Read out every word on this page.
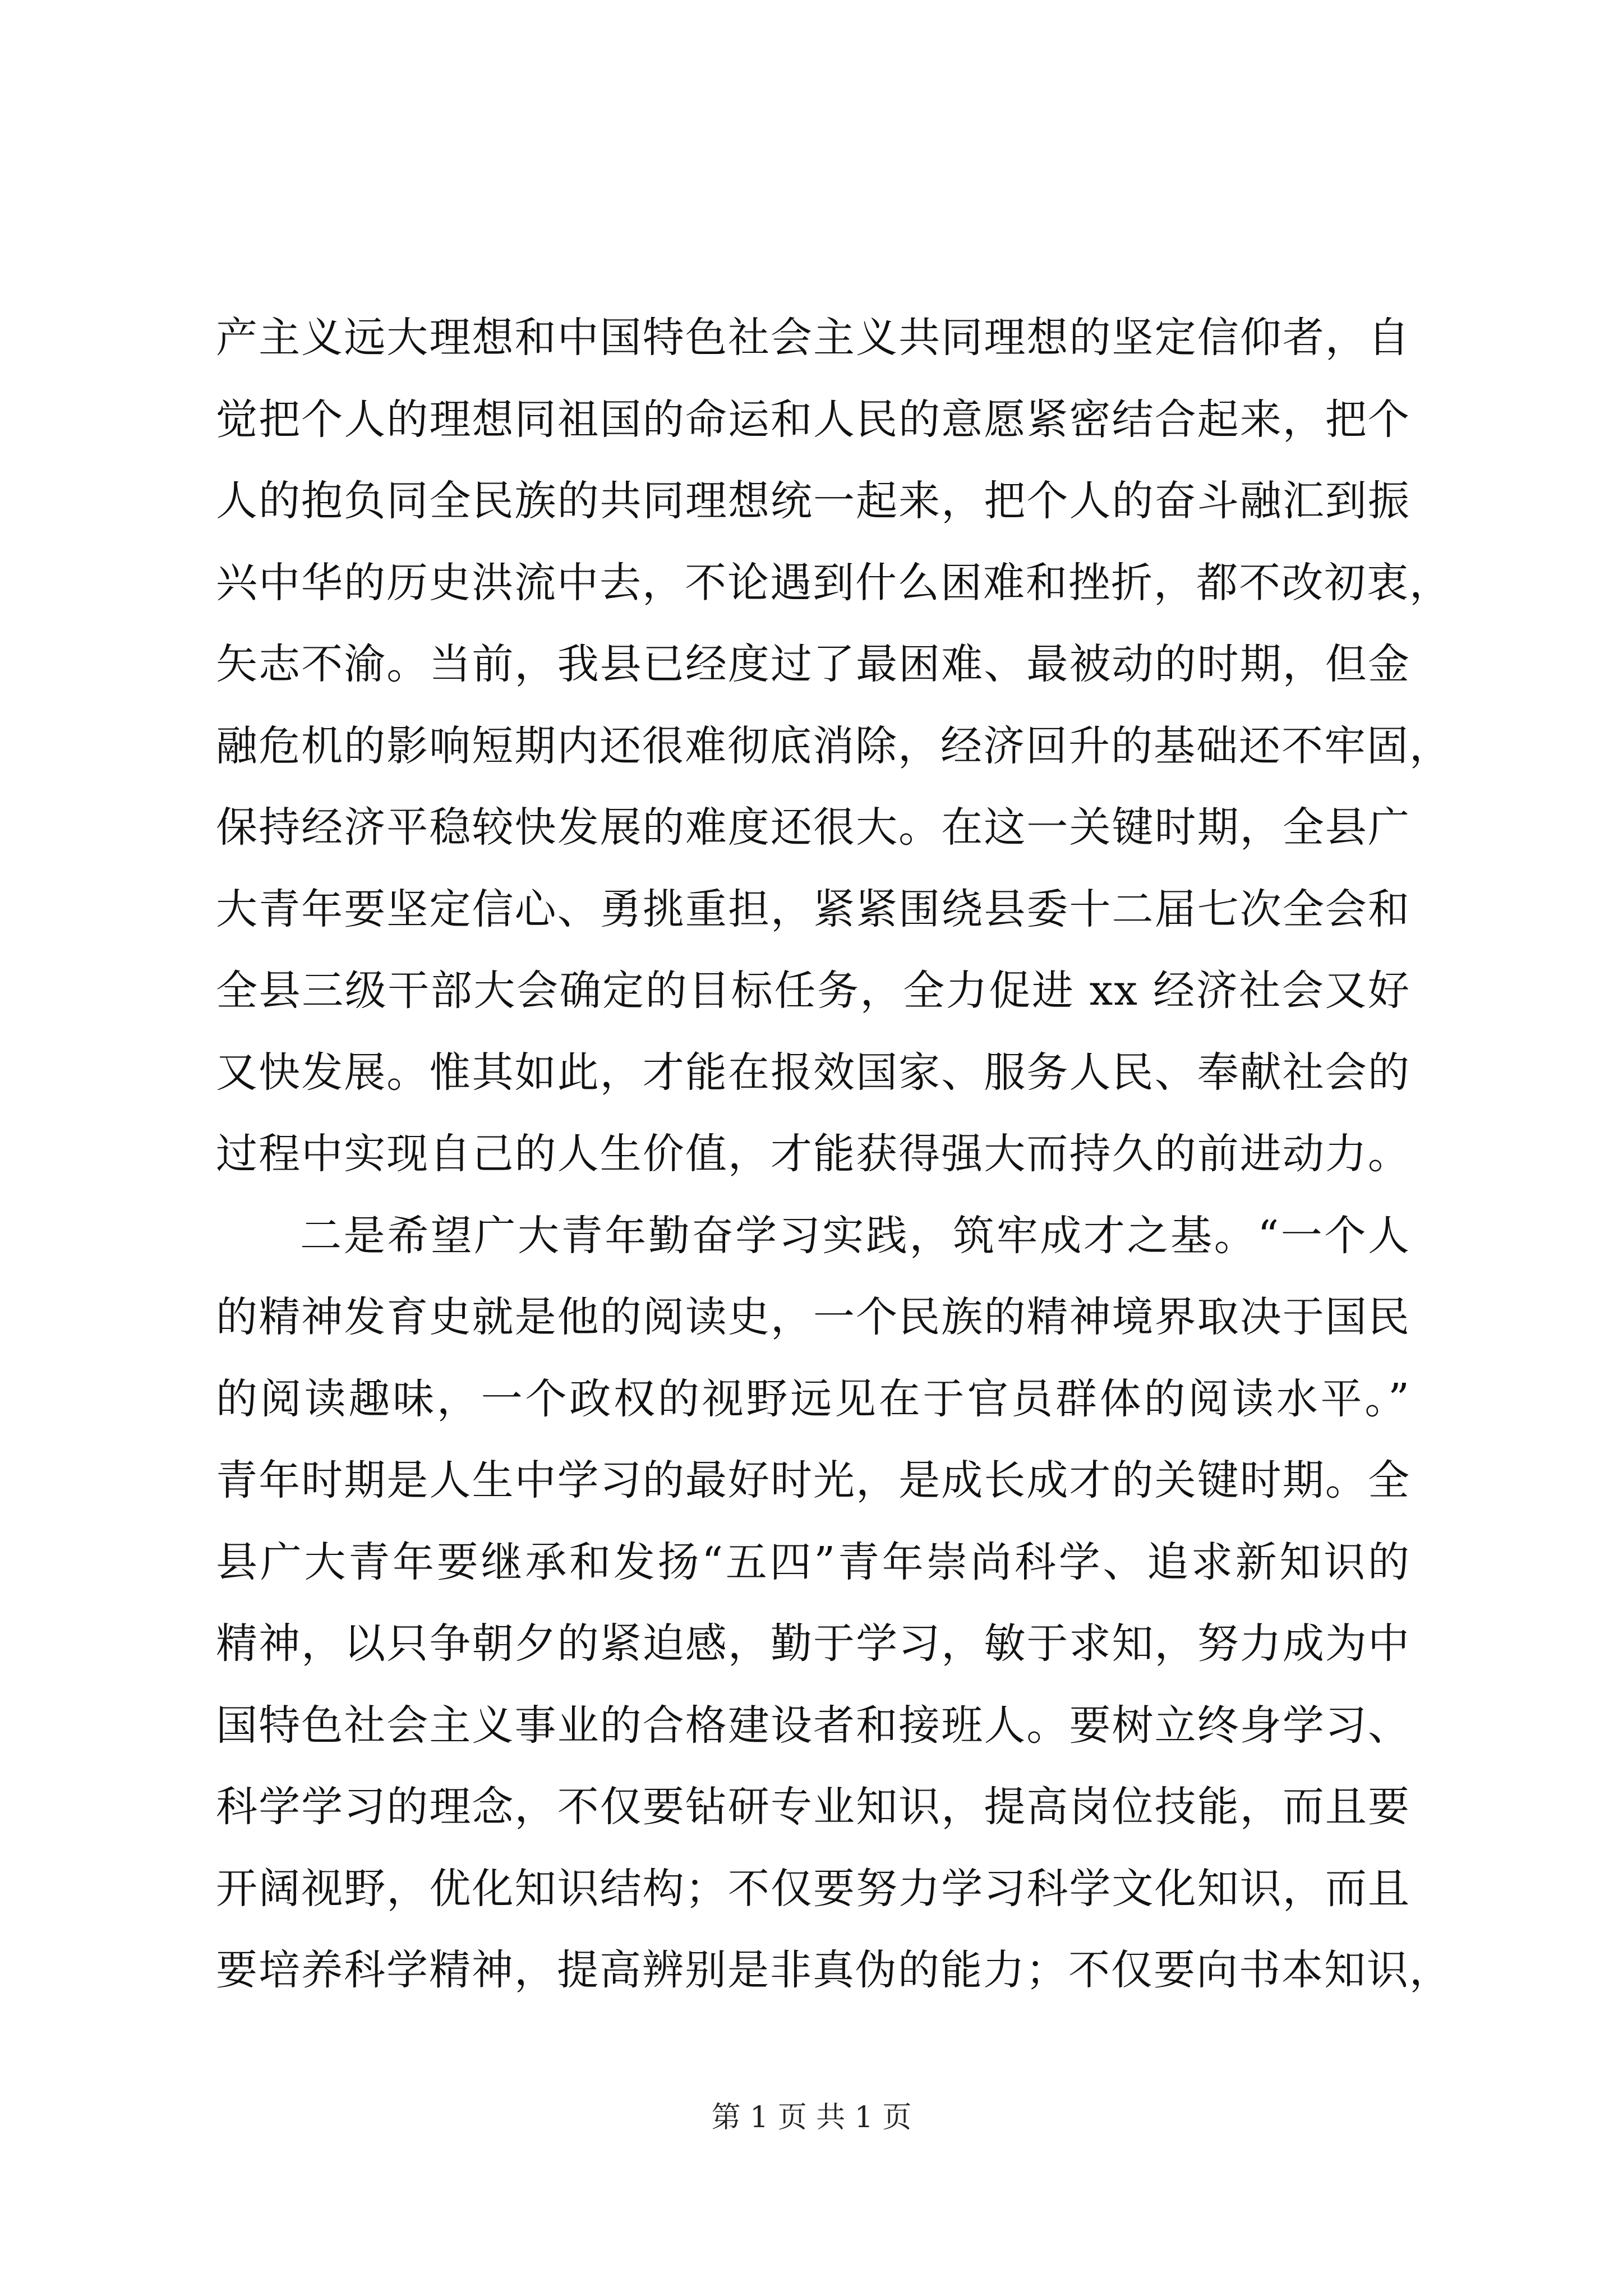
产主义远大理想和中国特色社会主义共同理想的坚定信仰者，自
觉把个人的理想同祖国的命运和人民的意愿紧密结合起来，把个
人的抱负同全民族的共同理想统一起来，把个人的奋斗融汇到振
兴中华的历史洪流中去，不论遇到什么困难和挫折，都不改初衷，
矢志不渝。当前，我县已经度过了最困难、最被动的时期，但金
融危机的影响短期内还很难彻底消除，经济回升的基础还不牢固，
保持经济平稳较快发展的难度还很大。在这一关键时期，全县广
大青年要坚定信心、勇挑重担，紧紧围绕县委十二届七次全会和
全县三级干部大会确定的目标任务，全力促进 xx 经济社会又好
又快发展。惟其如此，才能在报效国家、服务人民、奉献社会的
过程中实现自己的人生价值，才能获得强大而持久的前进动力。
二是希望广大青年勤奋学习实践，筑牢成才之基。“一个人
的精神发育史就是他的阅读史，一个民族的精神境界取决于国民
的阅读趣味，一个政权的视野远见在于官员群体的阅读水平。”
青年时期是人生中学习的最好时光，是成长成才的关键时期。全
县广大青年要继承和发扬“五四”青年崇尚科学、追求新知识的
精神，以只争朝夕的紧迫感，勤于学习，敏于求知，努力成为中
国特色社会主义事业的合格建设者和接班人。要树立终身学习、
科学学习的理念，不仅要钻研专业知识，提高岗位技能，而且要
开阔视野，优化知识结构；不仅要努力学习科学文化知识，而且
要培养科学精神，提高辨别是非真伪的能力；不仅要向书本知识，
第 1 页 共 1 页
